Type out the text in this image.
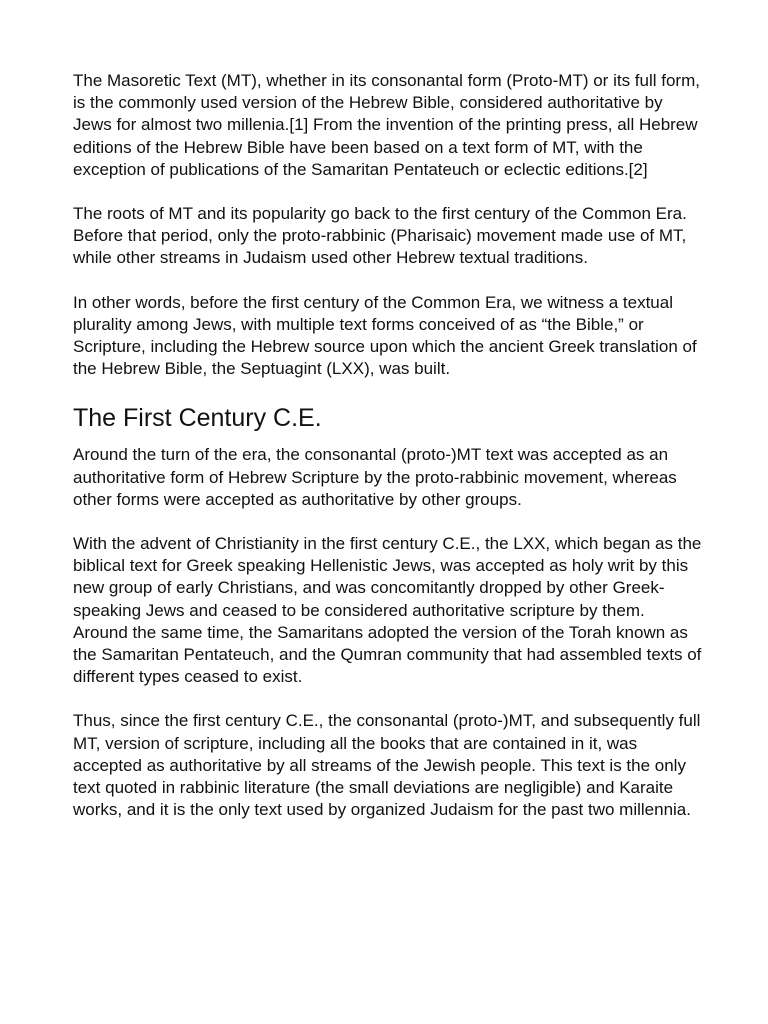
The Masoretic Text (MT), whether in its consonantal form (Proto-MT) or its full form, is the commonly used version of the Hebrew Bible, considered authoritative by Jews for almost two millenia.[1] From the invention of the printing press, all Hebrew editions of the Hebrew Bible have been based on a text form of MT, with the exception of publications of the Samaritan Pentateuch or eclectic editions.[2]

The roots of MT and its popularity go back to the first century of the Common Era. Before that period, only the proto-rabbinic (Pharisaic) movement made use of MT, while other streams in Judaism used other Hebrew textual traditions.

In other words, before the first century of the Common Era, we witness a textual plurality among Jews, with multiple text forms conceived of as “the Bible,” or Scripture, including the Hebrew source upon which the ancient Greek translation of the Hebrew Bible, the Septuagint (LXX), was built.

The First Century C.E.

Around the turn of the era, the consonantal (proto-)MT text was accepted as an authoritative form of Hebrew Scripture by the proto-rabbinic movement, whereas other forms were accepted as authoritative by other groups.

With the advent of Christianity in the first century C.E., the LXX, which began as the biblical text for Greek speaking Hellenistic Jews, was accepted as holy writ by this new group of early Christians, and was concomitantly dropped by other Greek-speaking Jews and ceased to be considered authoritative scripture by them. Around the same time, the Samaritans adopted the version of the Torah known as the Samaritan Pentateuch, and the Qumran community that had assembled texts of different types ceased to exist.

Thus, since the first century C.E., the consonantal (proto-)MT, and subsequently full MT, version of scripture, including all the books that are contained in it, was accepted as authoritative by all streams of the Jewish people. This text is the only text quoted in rabbinic literature (the small deviations are negligible) and Karaite works, and it is the only text used by organized Judaism for the past two millennia.
